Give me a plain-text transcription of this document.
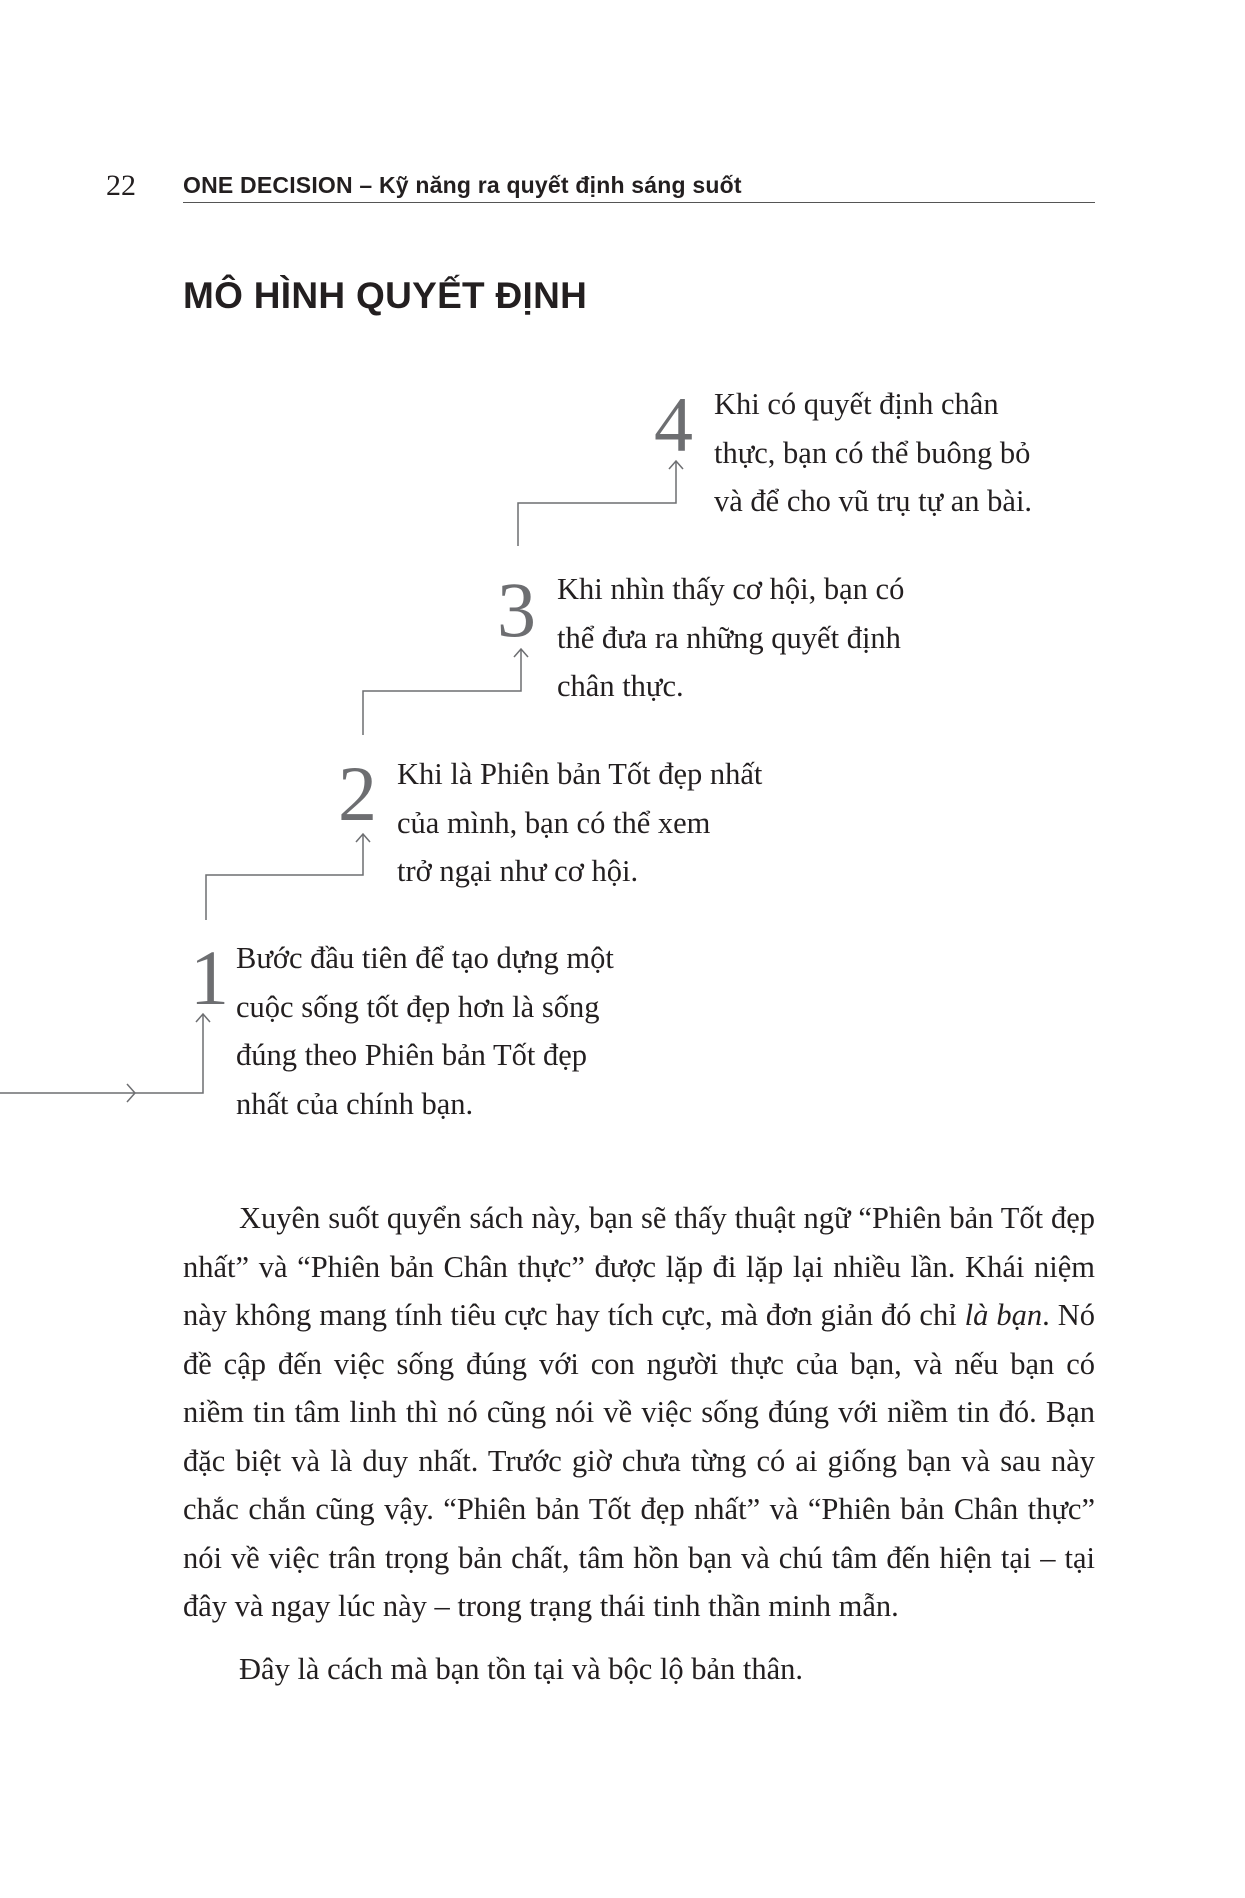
22 ONE DECISION – Kỹ năng ra quyết định sáng suốt
MÔ HÌNH QUYẾT ĐỊNH
4 Khi có quyết định chân
thực, bạn có thể buông bỏ
và để cho vũ trụ tự an bài.
3 Khi nhìn thấy cơ hội, bạn có
thể đưa ra những quyết định
chân thực.
2 Khi là Phiên bản Tốt đẹp nhất
của mình, bạn có thể xem
trở ngại như cơ hội.
1 Bước đầu tiên để tạo dựng một
cuộc sống tốt đẹp hơn là sống
đúng theo Phiên bản Tốt đẹp
nhất của chính bạn.

Xuyên suốt quyển sách này, bạn sẽ thấy thuật ngữ “Phiên bản Tốt đẹp nhất” và “Phiên bản Chân thực” được lặp đi lặp lại nhiều lần. Khái niệm này không mang tính tiêu cực hay tích cực, mà đơn giản đó chỉ là bạn. Nó đề cập đến việc sống đúng với con người thực của bạn, và nếu bạn có niềm tin tâm linh thì nó cũng nói về việc sống đúng với niềm tin đó. Bạn đặc biệt và là duy nhất. Trước giờ chưa từng có ai giống bạn và sau này chắc chắn cũng vậy. “Phiên bản Tốt đẹp nhất” và “Phiên bản Chân thực” nói về việc trân trọng bản chất, tâm hồn bạn và chú tâm đến hiện tại – tại đây và ngay lúc này – trong trạng thái tinh thần minh mẫn.

Đây là cách mà bạn tồn tại và bộc lộ bản thân.
